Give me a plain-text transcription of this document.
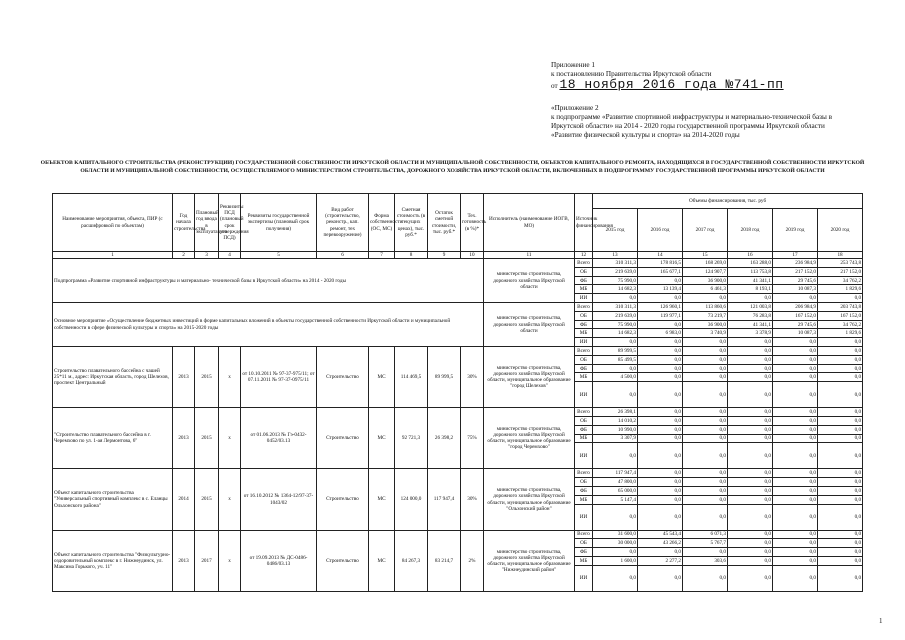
Приложение 1
к постановлению Правительства Иркутской области
от 18 ноября 2016 года №741-пп
«Приложение 2
к подпрограмме «Развитие спортивной инфраструктуры и материально-технической базы в
Иркутской области» на 2014 - 2020 годы государственной программы Иркутской области
«Развитие физической культуры и спорта» на 2014-2020 годы
ОБЪЕКТОВ КАПИТАЛЬНОГО СТРОИТЕЛЬСТВА (РЕКОНСТРУКЦИИ) ГОСУДАРСТВЕННОЙ СОБСТВЕННОСТИ ИРКУТСКОЙ ОБЛАСТИ И МУНИЦИПАЛЬНОЙ СОБСТВЕННОСТИ, ОБЪЕКТОВ КАПИТАЛЬНОГО РЕМОНТА, НАХОДЯЩИХСЯ В ГОСУДАРСТВЕННОЙ СОБСТВЕННОСТИ ИРКУТСКОЙ ОБЛАСТИ И МУНИЦИПАЛЬНОЙ СОБСТВЕННОСТИ, ОСУЩЕСТВЛЯЕМОГО МИНИСТЕРСТВОМ СТРОИТЕЛЬСТВА, ДОРОЖНОГО ХОЗЯЙСТВА ИРКУТСКОЙ ОБЛАСТИ, ВКЛЮЧЕННЫХ В ПОДПРОГРАММУ ГОСУДАРСТВЕННОЙ ПРОГРАММЫ ИРКУТСКОЙ ОБЛАСТИ
Наименование мероприятия, объекта, ПИР (с расшифровкой по объектам)	Год начала строительства	Плановый год ввода в эксплуатацию	Реквизиты ПСД (плановый срок утверждения ПСД)	Реквизиты государственной экспертизы (плановый срок получения)	Вид работ (строительство, реконстр., кап. ремонт, тех перевооружение)	Форма собственности (ОС, МС)	Сметная стоимость (в текущих ценах), тыс. руб.*	Остаток сметной стоимости, тыс. руб.*	Тех. готовность (в %)*	Исполнитель (наименование ИОГВ, МО)	Источник финансирования	Объемы финансирования, тыс. руб					
												2015 год	2016 год	2017 год	2018 год	2019 год	2020 год
1	2	3	4	5	6	7	8	9	10	11	12	13	14	15	16	17	18
Подпрограмма «Развитие спортивной инфраструктуры и материально- технической базы в Иркутской области» на 2014 - 2020 годы										министерство строительства, дорожного хозяйства Иркутской области	Всего	310 311,3	178 816,5	168 269,0	163 288,0	236 984,9	253 743,8
											ОБ	219 639,0	165 677,1	124 907,7	113 753,8	217 152,0	217 152,0
											ФБ	75 990,0	0,0	36 900,0	41 341,1	29 745,6	34 762,2
											МБ	14 682,3	13 139,4	6 461,3	8 193,1	10 087,3	1 829,6
											ИИ	0,0	0,0	0,0	0,0	0,0	0,0
Основное мероприятие «Осуществление бюджетных инвестиций в форме капитальных вложений в объекты государственной собственности Иркутской области и муниципальной собственности в сфере физической культуры и спорта» на 2015-2020 годы										министерство строительства, дорожного хозяйства Иркутской области	Всего	310 311,3	126 960,1	113 860,6	121 003,8	206 984,9	203 743,8
											ОБ	219 639,0	119 977,1	73 219,7	76 283,8	167 152,0	167 152,0
											ФБ	75 990,0	0,0	36 900,0	41 341,1	29 745,6	34 762,2
											МБ	14 682,3	6 983,0	3 740,9	3 378,9	10 087,3	1 829,6
											ИИ	0,0	0,0	0,0	0,0	0,0	0,0
Строительство плавательного бассейна с чашей 25*11 м., адрес: Иркутская область, город Шелехов, проспект Центральный	2013	2015	х	от 10.10.2011 № 97-37-975/11; от 07.11.2011 № 97-37-0975/11	Строительство	МС	114 469,5	89 999,5	30%	министерство строительства, дорожного хозяйства Иркутской области, муниципальное образование "город Шелехов"	Всего	89 999,5	0,0	0,0	0,0	0,0	0,0
											ОБ	85 499,5	0,0	0,0	0,0	0,0	0,0
											ФБ	0,0	0,0	0,0	0,0	0,0	0,0
											МБ	4 500,0	0,0	0,0	0,0	0,0	0,0
											ИИ	0,0	0,0	0,0	0,0	0,0	0,0
"Строительство плавательного бассейна в г. Черемхово по ул. 1-ая Лермонтова, 6"	2013	2015	х	от 01.06.2013 № Гэ-0432-0452/03.13	Строительство	МС	92 721,3	26 398,2	75%	министерство строительства, дорожного хозяйства Иркутской области, муниципальное образование "город Черемхово"	Всего	26 398,1	0,0	0,0	0,0	0,0	0,0
											ОБ	14 010,2	0,0	0,0	0,0	0,0	0,0
											ФБ	10 990,0	0,0	0,0	0,0	0,0	0,0
											МБ	3 307,9	0,0	0,0	0,0	0,0	0,0
											ИИ	0,0	0,0	0,0	0,0	0,0	0,0
Объект капитального строительства "Универсальный спортивный комплекс в с. Еланцы Ольхонского района"	2014	2015	х	от 16.10.2012 № 1364-12/97-37-1043/02	Строительство	МС	124 000,0	117 947,4	30%	министерство строительства, дорожного хозяйства Иркутской области, муниципальное образование "Ольхонский район"	Всего	117 947,4	0,0	0,0	0,0	0,0	0,0
											ОБ	47 800,0	0,0	0,0	0,0	0,0	0,0
											ФБ	65 000,0	0,0	0,0	0,0	0,0	0,0
											МБ	5 147,4	0,0	0,0	0,0	0,0	0,0
											ИИ	0,0	0,0	0,0	0,0	0,0	0,0
Объект капитального строительства "Физкультурно-оздоровительный комплекс в г. Нижнеудинск, ул. Максима Горького, уч. 11"	2013	2017	х	от 19.09.2013 № ДС-0486-0486/03.13	Строительство	МС	84 267,3	83 214,7	2%	министерство строительства, дорожного хозяйства Иркутской области, муниципальное образование "Нижнеудинский район"	Всего	31 600,0	45 543,4	6 071,3	0,0	0,0	0,0
											ОБ	30 000,0	43 266,2	5 767,7	0,0	0,0	0,0
											ФБ	0,0	0,0	0,0	0,0	0,0	0,0
											МБ	1 600,0	2 277,2	303,6	0,0	0,0	0,0
											ИИ	0,0	0,0	0,0	0,0	0,0	0,0
1
